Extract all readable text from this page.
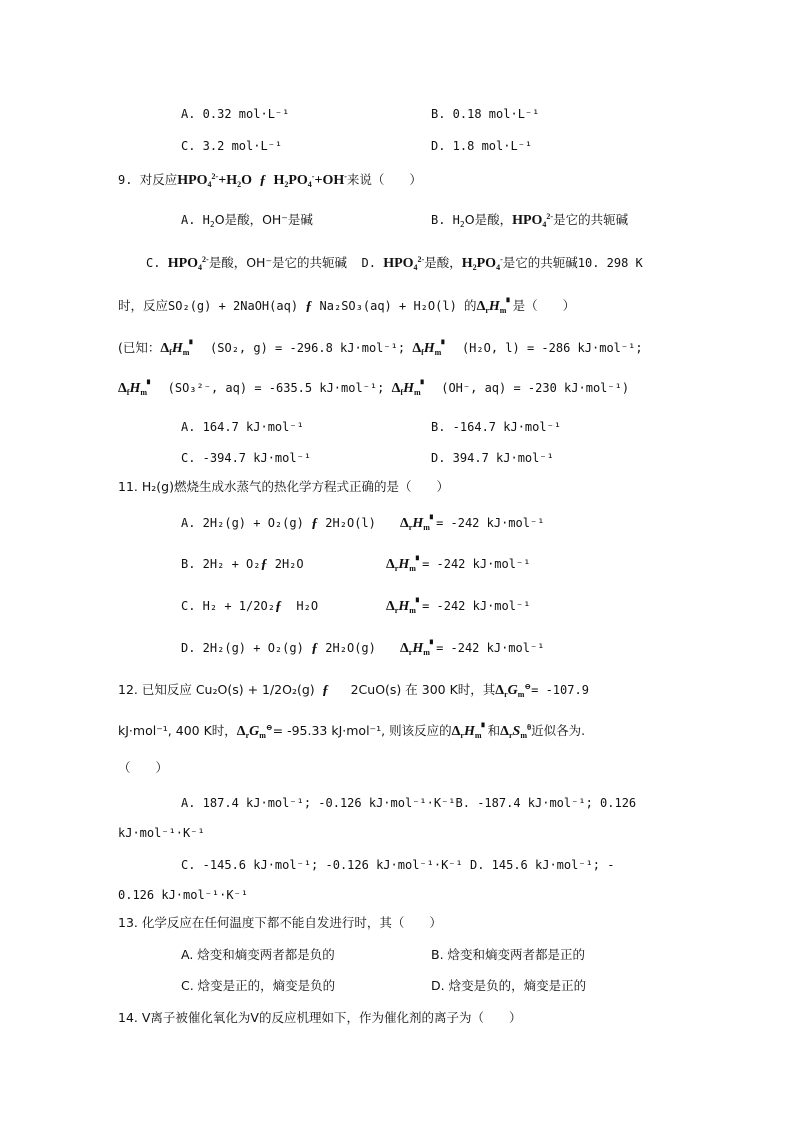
A. 0.32 mol·L⁻¹	B. 0.18 mol·L⁻¹
C. 3.2 mol·L⁻¹	D. 1.8 mol·L⁻¹
9. 对反应$HPO_4^{2-}+H_2O$ ƒ $H_2PO_4^-+OH^-$来说（　　）
A. $H_2O$是酸，OH⁻是碱	B. $H_2O$是酸，$HPO_4^{2-}$是它的共轭碱
C. $HPO_4^{2-}$是酸，OH⁻是它的共轭碱 D. $HPO_4^{2-}$是酸，$H_2PO_4^-$是它的共轭碱10. 298 K
时，反应SO₂(g) + 2NaOH(aq) ƒ Na₂SO₃(aq) + H₂O(l) 的$\Delta_rH_m^▘$是（　　）
(已知：$\Delta_fH_m^▘$ (SO₂, g) = -296.8 kJ·mol⁻¹; $\Delta_fH_m^▘$ (H₂O, l) = -286 kJ·mol⁻¹;
$\Delta_fH_m^▘$ (SO₃²⁻, aq) = -635.5 kJ·mol⁻¹; $\Delta_fH_m^▘$ (OH⁻, aq) = -230 kJ·mol⁻¹)
A. 164.7 kJ·mol⁻¹	B. -164.7 kJ·mol⁻¹
C. -394.7 kJ·mol⁻¹	D. 394.7 kJ·mol⁻¹
11. H₂(g)燃烧生成水蒸气的热化学方程式正确的是（　　）
A. 2H₂(g) + O₂(g) ƒ 2H₂O(l) $\Delta_rH_m^▘= -242$ kJ·mol⁻¹
B. 2H₂ + O₂ƒ 2H₂O	$\Delta_rH_m^▘= -242$ kJ·mol⁻¹
C. H₂ + 1/2O₂ƒ H₂O	$\Delta_rH_m^▘= -242$ kJ·mol⁻¹
D. 2H₂(g) + O₂(g) ƒ 2H₂O(g) $\Delta_rH_m^▘= -242$ kJ·mol⁻¹
12. 已知反应 Cu₂O(s) + 1/2O₂(g) ƒ 2CuO(s) 在 300 K时，其$\Delta_rG_m^⊖= -107.9$
kJ·mol⁻¹, 400 K时，$\Delta_rG_m^⊖= -95.33$ kJ·mol⁻¹, 则该反应的$\Delta_rH_m^▘$和$\Delta_rS_m^\theta$近似各为.
（　　）
A. 187.4 kJ·mol⁻¹; -0.126 kJ·mol⁻¹·K⁻¹B. -187.4 kJ·mol⁻¹; 0.126
kJ·mol⁻¹·K⁻¹
C. -145.6 kJ·mol⁻¹; -0.126 kJ·mol⁻¹·K⁻¹ D. 145.6 kJ·mol⁻¹; -
0.126 kJ·mol⁻¹·K⁻¹
13. 化学反应在任何温度下都不能自发进行时，其（　　）
A. 焓变和熵变两者都是负的	B. 焓变和熵变两者都是正的
C. 焓变是正的，熵变是负的	D. 焓变是负的，熵变是正的
14. V离子被催化氧化为V的反应机理如下，作为催化剂的离子为（　　）
